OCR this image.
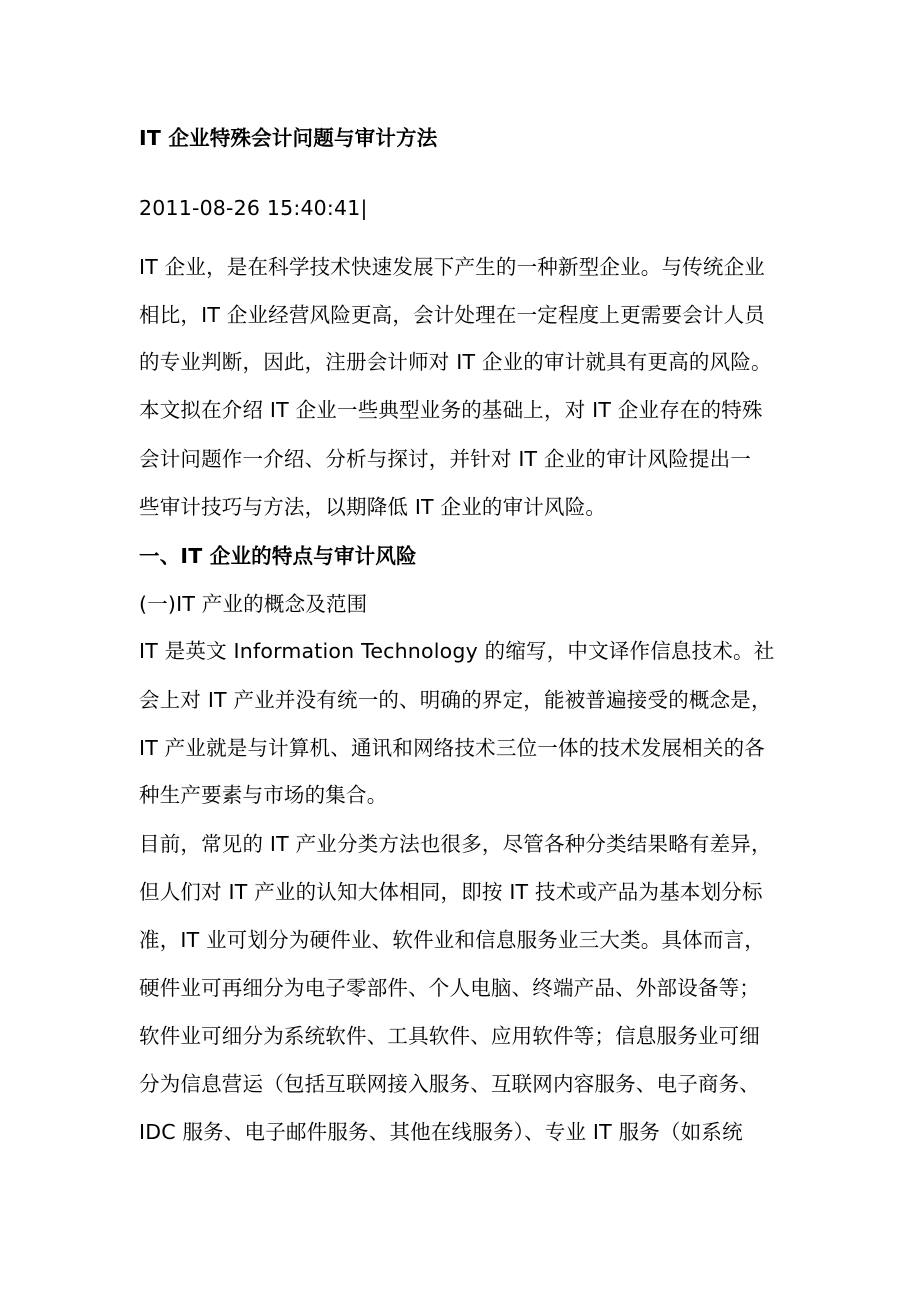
IT 企业特殊会计问题与审计方法
2011-08-26 15:40:41|
IT 企业，是在科学技术快速发展下产生的一种新型企业。与传统企业
相比，IT 企业经营风险更高，会计处理在一定程度上更需要会计人员
的专业判断，因此，注册会计师对 IT 企业的审计就具有更高的风险。
本文拟在介绍 IT 企业一些典型业务的基础上，对 IT 企业存在的特殊
会计问题作一介绍、分析与探讨，并针对 IT 企业的审计风险提出一
些审计技巧与方法，以期降低 IT 企业的审计风险。
一、IT 企业的特点与审计风险
(一)IT 产业的概念及范围
IT 是英文 Information Technology 的缩写，中文译作信息技术。社
会上对 IT 产业并没有统一的、明确的界定，能被普遍接受的概念是，
IT 产业就是与计算机、通讯和网络技术三位一体的技术发展相关的各
种生产要素与市场的集合。
目前，常见的 IT 产业分类方法也很多，尽管各种分类结果略有差异，
但人们对 IT 产业的认知大体相同，即按 IT 技术或产品为基本划分标
准，IT 业可划分为硬件业、软件业和信息服务业三大类。具体而言，
硬件业可再细分为电子零部件、个人电脑、终端产品、外部设备等；
软件业可细分为系统软件、工具软件、应用软件等；信息服务业可细
分为信息营运（包括互联网接入服务、互联网内容服务、电子商务、
IDC 服务、电子邮件服务、其他在线服务）、专业 IT 服务（如系统
